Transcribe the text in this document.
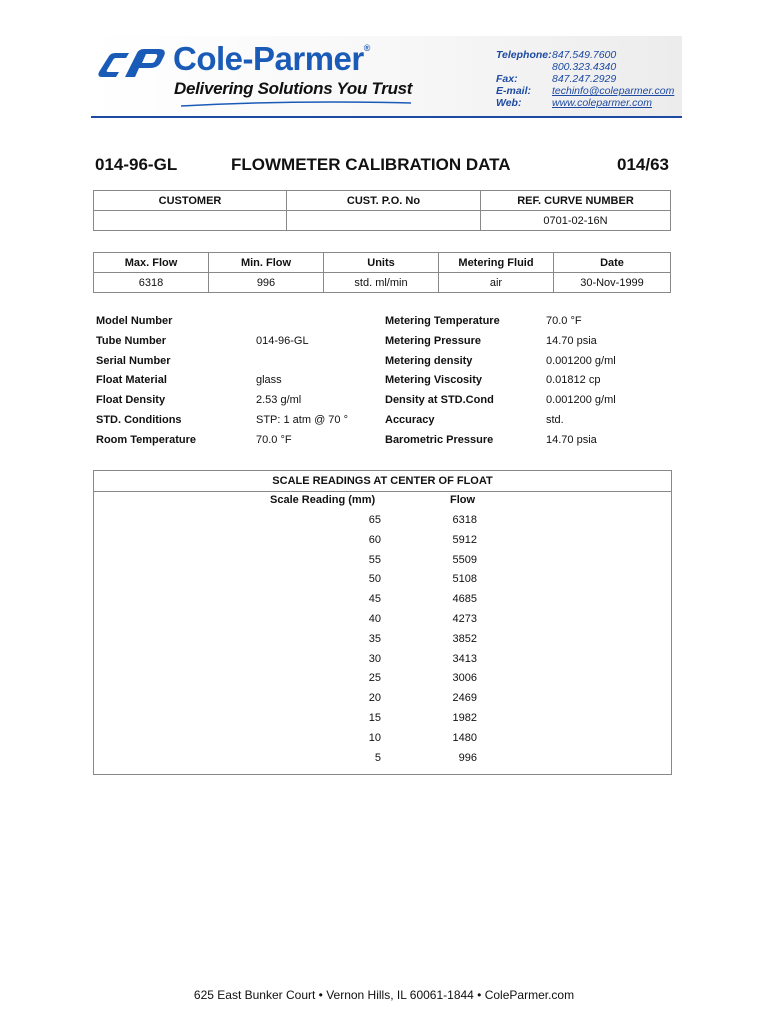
Cole-Parmer®
Delivering Solutions You Trust
Telephone: 847.549.7600
800.323.4340
Fax:	847.247.2929
E-mail:	techinfo@coleparmer.com
Web:	www.coleparmer.com
014-96-GL	FLOWMETER CALIBRATION DATA	014/63
CUSTOMER	CUST. P.O. No	REF. CURVE NUMBER
		0701-02-16N
Max. Flow	Min. Flow	Units	Metering Fluid	Date
6318	996	std. ml/min	air	30-Nov-1999
Model Number
Tube Number	014-96-GL
Serial Number
Float Material	glass
Float Density	2.53 g/ml
STD. Conditions	STP: 1 atm @ 70 °
Room Temperature	70.0 °F
Metering Temperature	70.0 °F
Metering Pressure	14.70 psia
Metering density	0.001200 g/ml
Metering Viscosity	0.01812 cp
Density at STD.Cond	0.001200 g/ml
Accuracy	std.
Barometric Pressure	14.70 psia
SCALE READINGS AT CENTER OF FLOAT
Scale Reading (mm)	Flow
65	6318
60	5912
55	5509
50	5108
45	4685
40	4273
35	3852
30	3413
25	3006
20	2469
15	1982
10	1480
5	996
625 East Bunker Court • Vernon Hills, IL 60061-1844 • ColeParmer.com
